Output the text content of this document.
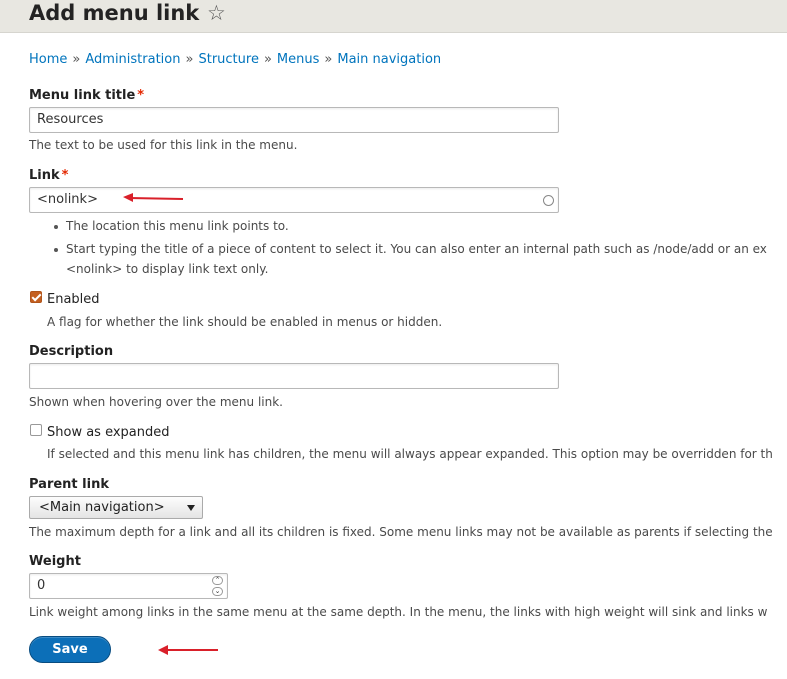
Add menu link ☆
Home » Administration » Structure » Menus » Main navigation
Menu link title *
Resources
The text to be used for this link in the menu.
Link *
<nolink>
The location this menu link points to.
Start typing the title of a piece of content to select it. You can also enter an internal path such as /node/add or an ex
<nolink> to display link text only.
Enabled
A flag for whether the link should be enabled in menus or hidden.
Description
Shown when hovering over the menu link.
Show as expanded
If selected and this menu link has children, the menu will always appear expanded. This option may be overridden for th
Parent link
<Main navigation>
The maximum depth for a link and all its children is fixed. Some menu links may not be available as parents if selecting the
Weight
0	⌃
⌄
Link weight among links in the same menu at the same depth. In the menu, the links with high weight will sink and links w
Save
